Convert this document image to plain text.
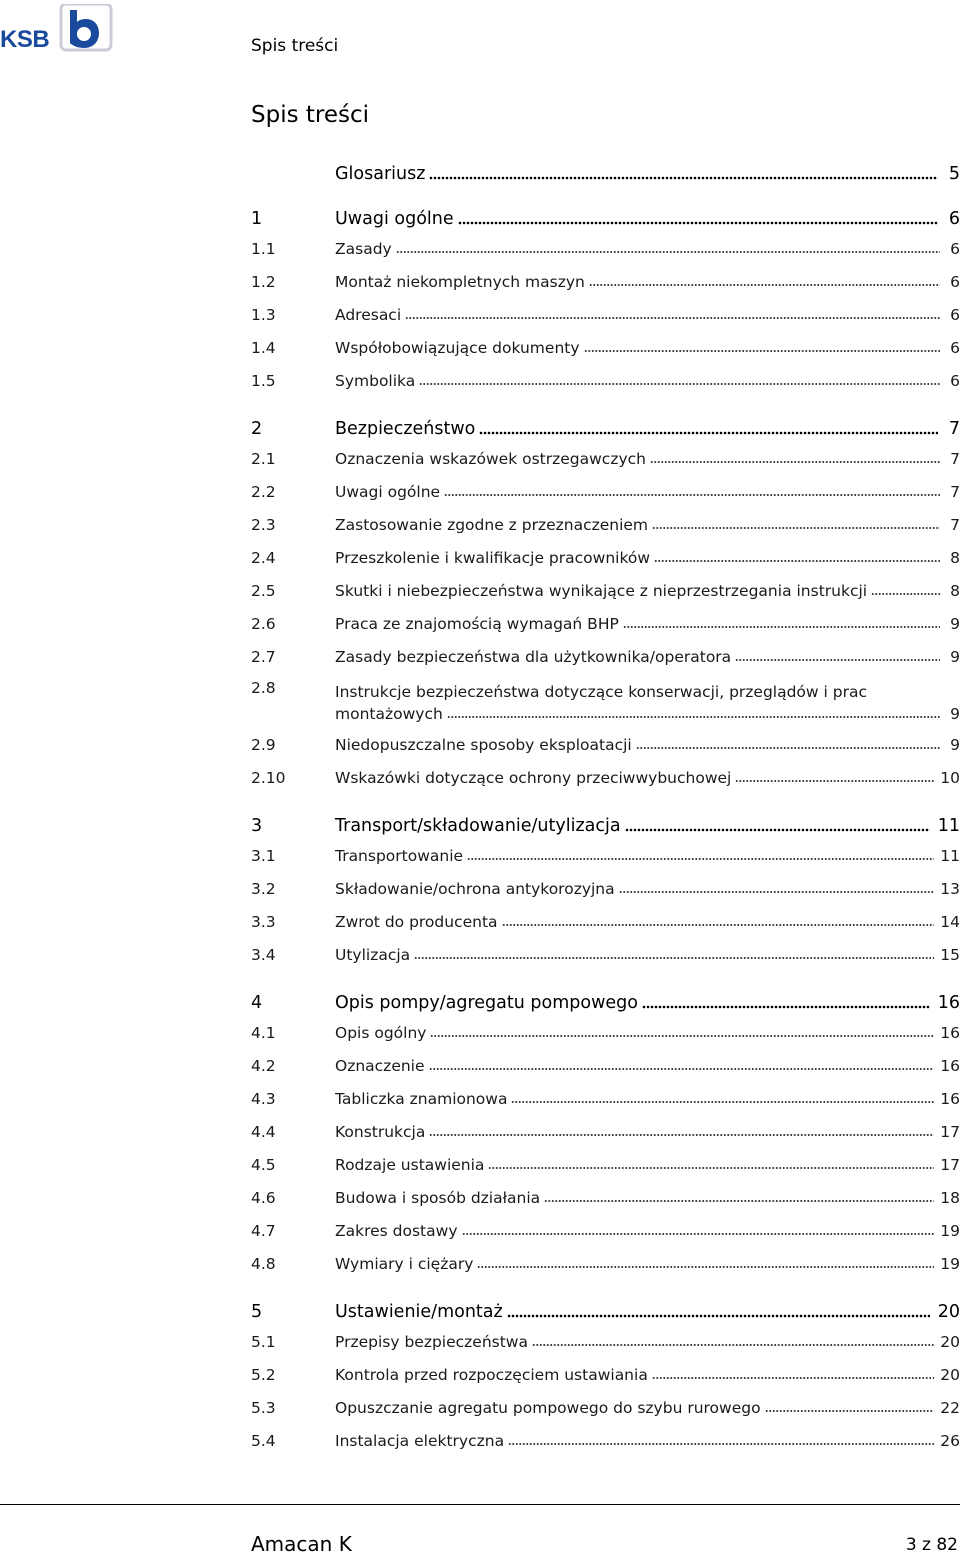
KSB	Spis treści
Spis treści
Glosariusz	5
1	Uwagi ogólne	6
1.1	Zasady	6
1.2	Montaż niekompletnych maszyn	6
1.3	Adresaci	6
1.4	Współobowiązujące dokumenty	6
1.5	Symbolika	6
2	Bezpieczeństwo	7
2.1	Oznaczenia wskazówek ostrzegawczych	7
2.2	Uwagi ogólne	7
2.3	Zastosowanie zgodne z przeznaczeniem	7
2.4	Przeszkolenie i kwalifikacje pracowników	8
2.5	Skutki i niebezpieczeństwa wynikające z nieprzestrzegania instrukcji	8
2.6	Praca ze znajomością wymagań BHP	9
2.7	Zasady bezpieczeństwa dla użytkownika/operatora	9
2.8	Instrukcje bezpieczeństwa dotyczące konserwacji, przeglądów i prac
montażowych	9
2.9	Niedopuszczalne sposoby eksploatacji	9
2.10	Wskazówki dotyczące ochrony przeciwwybuchowej	10
3	Transport/składowanie/utylizacja	11
3.1	Transportowanie	11
3.2	Składowanie/ochrona antykorozyjna	13
3.3	Zwrot do producenta	14
3.4	Utylizacja	15
4	Opis pompy/agregatu pompowego	16
4.1	Opis ogólny	16
4.2	Oznaczenie	16
4.3	Tabliczka znamionowa	16
4.4	Konstrukcja	17
4.5	Rodzaje ustawienia	17
4.6	Budowa i sposób działania	18
4.7	Zakres dostawy	19
4.8	Wymiary i ciężary	19
5	Ustawienie/montaż	20
5.1	Przepisy bezpieczeństwa	20
5.2	Kontrola przed rozpoczęciem ustawiania	20
5.3	Opuszczanie agregatu pompowego do szybu rurowego	22
5.4	Instalacja elektryczna	26
Amacan K	3 z 82
